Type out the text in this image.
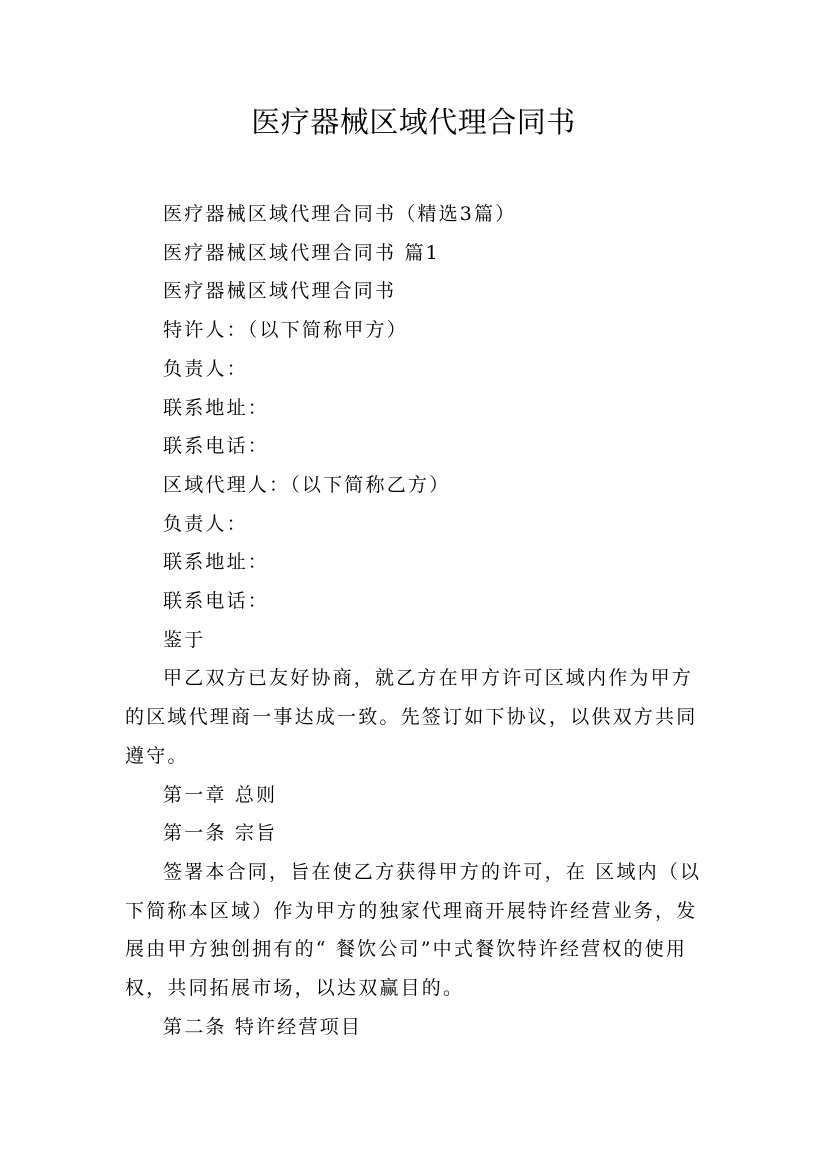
医疗器械区域代理合同书

医疗器械区域代理合同书（精选3篇）

医疗器械区域代理合同书 篇1

医疗器械区域代理合同书

特许人：（以下简称甲方）

负责人：

联系地址：

联系电话：

区域代理人：（以下简称乙方）

负责人：

联系地址：

联系电话：

鉴于

甲乙双方已友好协商，就乙方在甲方许可区域内作为甲方的区域代理商一事达成一致。先签订如下协议，以供双方共同遵守。

第一章 总则

第一条 宗旨

签署本合同，旨在使乙方获得甲方的许可，在 区域内（以下简称本区域）作为甲方的独家代理商开展特许经营业务，发展由甲方独创拥有的“ 餐饮公司”中式餐饮特许经营权的使用权，共同拓展市场，以达双赢目的。

第二条 特许经营项目
